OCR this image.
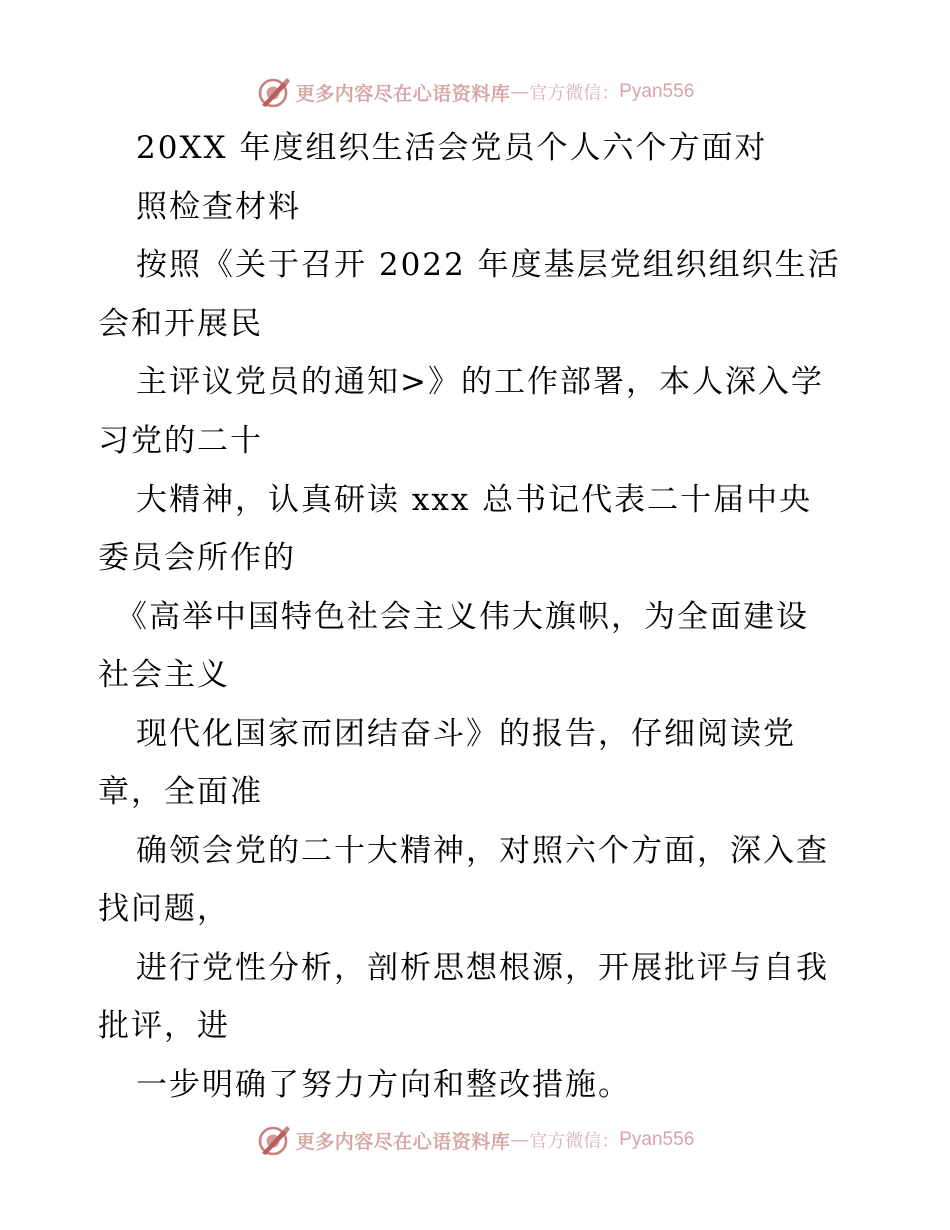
更多内容尽在心语资料库 — 官方微信： Pyan556
20XX 年度组织生活会党员个人六个方面对
照检查材料
按照《关于召开 2022 年度基层党组织组织生活
会和开展民
主评议党员的通知>》的工作部署，本人深入学
习党的二十
大精神，认真研读 xxx 总书记代表二十届中央
委员会所作的
《高举中国特色社会主义伟大旗帜，为全面建设
社会主义
现代化国家而团结奋斗》的报告，仔细阅读党
章，全面准
确领会党的二十大精神，对照六个方面，深入查
找问题，
进行党性分析，剖析思想根源，开展批评与自我
批评，进
一步明确了努力方向和整改措施。
更多内容尽在心语资料库 — 官方微信： Pyan556
